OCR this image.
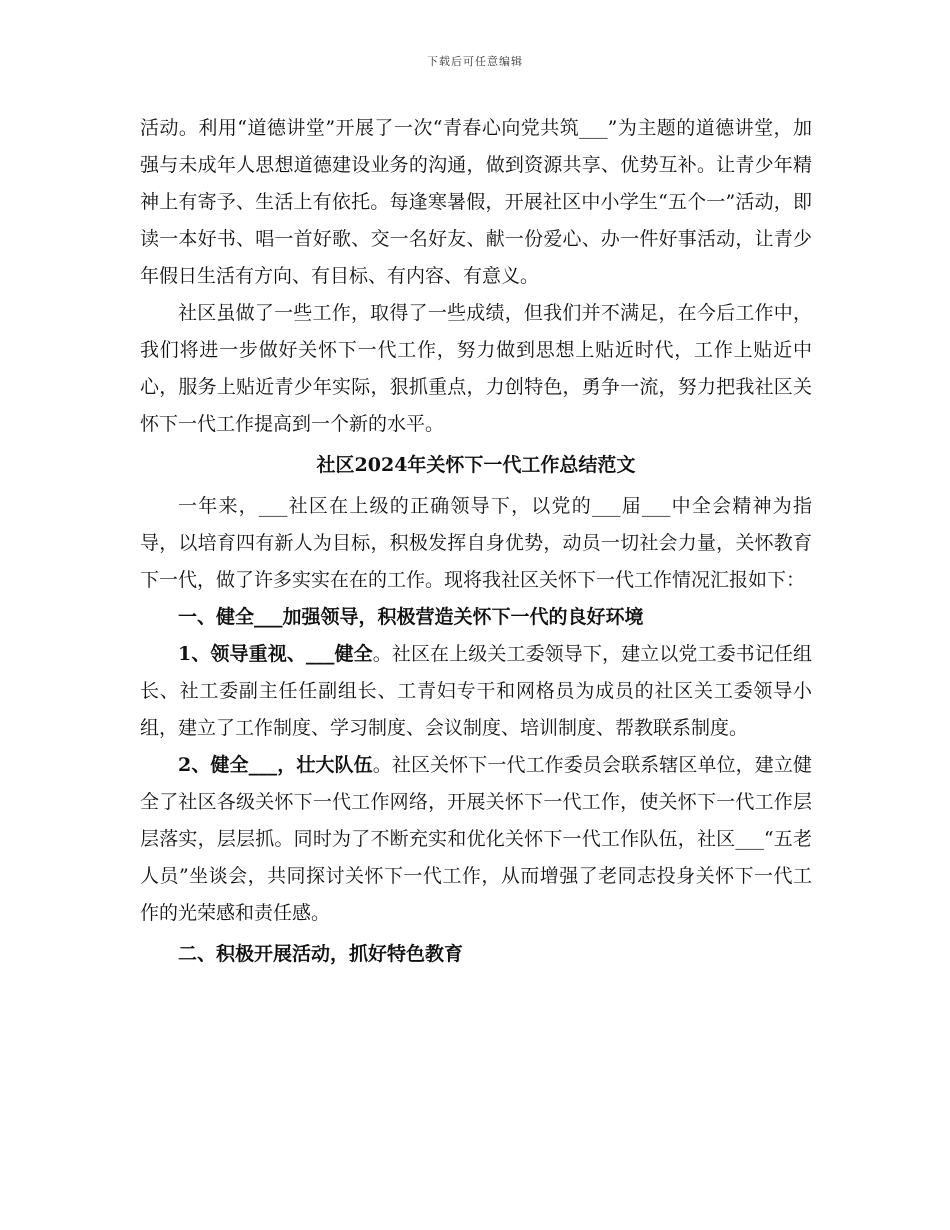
下载后可任意编辑

活动。利用“道德讲堂”开展了一次“青春心向党共筑___”为主题的道德讲堂，加强与未成年人思想道德建设业务的沟通，做到资源共享、优势互补。让青少年精神上有寄予、生活上有依托。每逢寒暑假，开展社区中小学生“五个一”活动，即读一本好书、唱一首好歌、交一名好友、献一份爱心、办一件好事活动，让青少年假日生活有方向、有目标、有内容、有意义。

社区虽做了一些工作，取得了一些成绩，但我们并不满足，在今后工作中，我们将进一步做好关怀下一代工作，努力做到思想上贴近时代，工作上贴近中心，服务上贴近青少年实际，狠抓重点，力创特色，勇争一流，努力把我社区关怀下一代工作提高到一个新的水平。

社区2024年关怀下一代工作总结范文

一年来，___社区在上级的正确领导下，以党的___届___中全会精神为指导，以培育四有新人为目标，积极发挥自身优势，动员一切社会力量，关怀教育下一代，做了许多实实在在的工作。现将我社区关怀下一代工作情况汇报如下：

一、健全___加强领导，积极营造关怀下一代的良好环境

1、领导重视、___健全。社区在上级关工委领导下，建立以党工委书记任组长、社工委副主任任副组长、工青妇专干和网格员为成员的社区关工委领导小组，建立了工作制度、学习制度、会议制度、培训制度、帮教联系制度。

2、健全___，壮大队伍。社区关怀下一代工作委员会联系辖区单位，建立健全了社区各级关怀下一代工作网络，开展关怀下一代工作，使关怀下一代工作层层落实，层层抓。同时为了不断充实和优化关怀下一代工作队伍，社区___“五老人员”坐谈会，共同探讨关怀下一代工作，从而增强了老同志投身关怀下一代工作的光荣感和责任感。

二、积极开展活动，抓好特色教育
